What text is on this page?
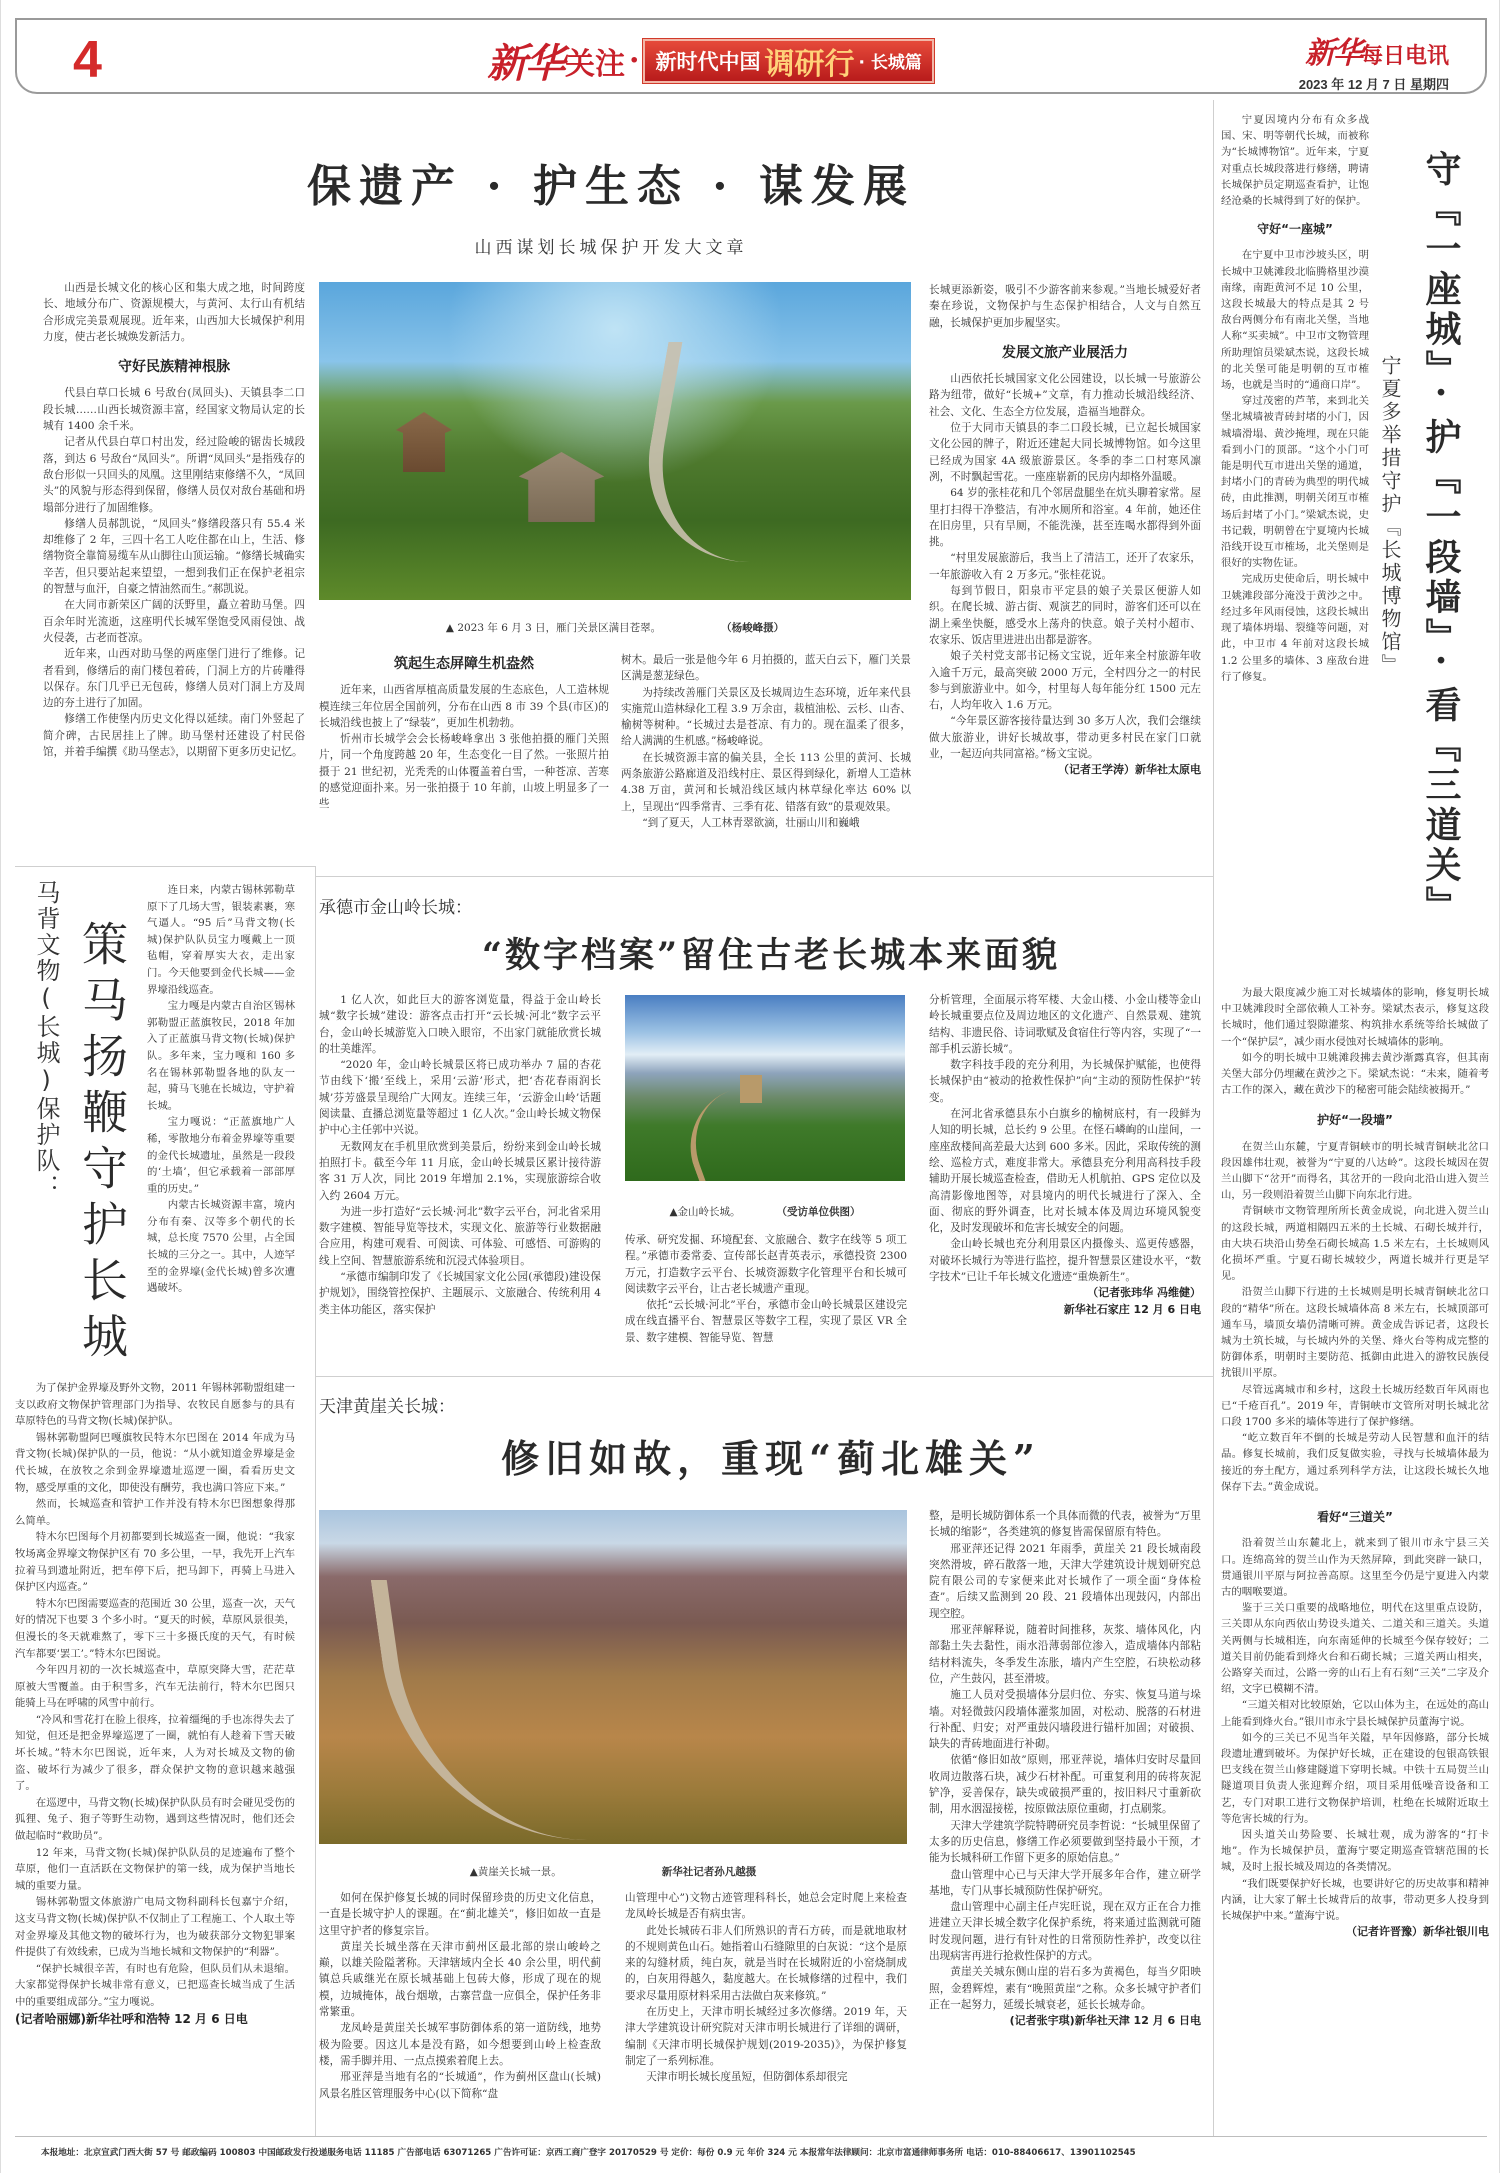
4	新华 关注 · 新时代中国 调研行 · 长城篇	新华 每日电讯
2023 年 12 月 7 日 星期四
保遗产 · 护生态 · 谋发展
山西谋划长城保护开发大文章

山西是长城文化的核心区和集大成之地，时间跨度长、地域分布广、资源规模大，与黄河、太行山有机结合形成完美景观展现。近年来，山西加大长城保护利用力度，使古老长城焕发新活力。

守好民族精神根脉

代县白草口长城 6 号敌台(凤回头)、天镇县李二口段长城……山西长城资源丰富，经国家文物局认定的长城有 1400 余千米。

记者从代县白草口村出发，经过险峻的锯齿长城段落，到达 6 号敌台“凤回头”。所谓“凤回头”是指残存的敌台形似一只回头的凤凰。这里刚结束修缮不久，“凤回头”的风貌与形态得到保留，修缮人员仅对敌台基础和坍塌部分进行了加固维修。

修缮人员郝凯说，“凤回头”修缮段落只有 55.4 米却维修了 2 年，三四十名工人吃住都在山上，生活、修缮物资全靠简易缆车从山脚往山顶运输。“修缮长城确实辛苦，但只要站起来望望，一想到我们正在保护老祖宗的智慧与血汗，自豪之情油然而生。”郝凯说。

在大同市新荣区广阔的沃野里，矗立着助马堡。四百余年时光流逝，这座明代长城军堡饱受风雨侵蚀、战火侵袭，古老而苍凉。

近年来，山西对助马堡的两座堡门进行了维修。记者看到，修缮后的南门楼包着砖，门洞上方的片砖雕得以保存。东门几乎已无包砖，修缮人员对门洞上方及周边的夯土进行了加固。

修缮工作使堡内历史文化得以延续。南门外竖起了简介碑，古民居挂上了牌。助马堡村还建设了村民俗馆，并着手编撰《助马堡志》，以期留下更多历史记忆。

▲ 2023 年 6 月 3 日，雁门关景区满目苍翠。	（杨峻峰摄）
筑起生态屏障生机盎然

近年来，山西省厚植高质量发展的生态底色，人工造林规模连续三年位居全国前列，分布在山西 8 市 39 个县(市区)的长城沿线也披上了“绿装”，更加生机勃勃。

忻州市长城学会会长杨峻峰拿出 3 张他拍摄的雁门关照片，同一个角度跨越 20 年，生态变化一目了然。一张照片拍摄于 21 世纪初，光秃秃的山体覆盖着白雪，一种苍凉、苦寒的感觉迎面扑来。另一张拍摄于 10 年前，山坡上明显多了一些

树木。最后一张是他今年 6 月拍摄的，蓝天白云下，雁门关景区满是葱茏绿色。

为持续改善雁门关景区及长城周边生态环境，近年来代县实施荒山造林绿化工程 3.9 万余亩，栽植油松、云杉、山杏、榆树等树种。“长城过去是苍凉、有力的。现在温柔了很多，给人满满的生机感。”杨峻峰说。

在长城资源丰富的偏关县，全长 113 公里的黄河、长城两条旅游公路廊道及沿线村庄、景区得到绿化，新增人工造林 4.38 万亩，黄河和长城沿线区域内林草绿化率达 60% 以上，呈现出“四季常青、三季有花、错落有致”的景观效果。

“到了夏天，人工林青翠欲滴，壮丽山川和巍峨

长城更添新姿，吸引不少游客前来参观。”当地长城爱好者秦在珍说，文物保护与生态保护相结合，人文与自然互融，长城保护更加步履坚实。

发展文旅产业展活力

山西依托长城国家文化公园建设，以长城一号旅游公路为纽带，做好“长城+”文章，有力推动长城沿线经济、社会、文化、生态全方位发展，造福当地群众。

位于大同市天镇县的李二口段长城，已立起长城国家文化公园的牌子，附近还建起大同长城博物馆。如今这里已经成为国家 4A 级旅游景区。冬季的李二口村寒风凛冽，不时飘起雪花。一座座崭新的民房内却格外温暖。

64 岁的张桂花和几个邻居盘腿坐在炕头聊着家常。屋里打扫得干净整洁，有冲水厕所和浴室。4 年前，她还住在旧房里，只有旱厕，不能洗澡，甚至连喝水都得到外面挑。

“村里发展旅游后，我当上了清洁工，还开了农家乐，一年旅游收入有 2 万多元。”张桂花说。

每到节假日，阳泉市平定县的娘子关景区便游人如织。在爬长城、游古街、观演艺的同时，游客们还可以在湖上乘坐快艇，感受水上荡舟的快意。娘子关村小超市、农家乐、饭店里进进出出都是游客。

娘子关村党支部书记杨文宝说，近年来全村旅游年收入逾千万元，最高突破 2000 万元，全村四分之一的村民参与到旅游业中。如今，村里每人每年能分红 1500 元左右，人均年收入 1.6 万元。

“今年景区游客接待量达到 30 多万人次，我们会继续做大旅游业，讲好长城故事，带动更多村民在家门口就业，一起迈向共同富裕。”杨文宝说。

（记者王学涛）新华社太原电
马背文物(长城)保护队： 策马扬鞭守护长城

连日来，内蒙古锡林郭勒草原下了几场大雪，银装素裹，寒气逼人。“95 后”马背文物(长城)保护队队员宝力嘎戴上一顶毡帽，穿着厚实大衣，走出家门。今天他要到金代长城——金界壕沿线巡查。

宝力嘎是内蒙古自治区锡林郭勒盟正蓝旗牧民，2018 年加入了正蓝旗马背文物(长城)保护队。多年来，宝力嘎和 160 多名在锡林郭勒盟各地的队友一起，骑马飞驰在长城边，守护着长城。

宝力嘎说：“正蓝旗地广人稀，零散地分布着金界壕等重要的金代长城遗址，虽然是一段段的‘土墙’，但它承载着一部部厚重的历史。”

内蒙古长城资源丰富，境内分布有秦、汉等多个朝代的长城，总长度 7570 公里，占全国长城的三分之一。其中，人迹罕至的金界壕(金代长城)曾多次遭遇破坏。

为了保护金界壕及野外文物，2011 年锡林郭勒盟组建一支以政府文物保护管理部门为指导、农牧民自愿参与的具有草原特色的马背文物(长城)保护队。

锡林郭勒盟阿巴嘎旗牧民特木尔巴图在 2014 年成为马背文物(长城)保护队的一员，他说：“从小就知道金界壕是金代长城，在放牧之余到金界壕遗址巡逻一圈，看看历史文物，感受厚重的文化，即使没有酬劳，我也满口答应下来。”

然而，长城巡查和管护工作并没有特木尔巴图想象得那么简单。

特木尔巴图每个月初都要到长城巡查一圈，他说：“我家牧场离金界壕文物保护区有 70 多公里，一早，我先开上汽车拉着马到遗址附近，把车停下后，把马卸下，再骑上马进入保护区内巡查。”

特木尔巴图需要巡查的范围近 30 公里，巡查一次，天气好的情况下也要 3 个多小时。“夏天的时候，草原风景很美，但漫长的冬天就难熬了，零下三十多摄氏度的天气，有时候汽车都要‘罢工’。”特木尔巴图说。

今年四月初的一次长城巡查中，草原突降大雪，茫茫草原被大雪覆盖。由于积雪多，汽车无法前行，特木尔巴图只能骑上马在呼啸的风雪中前行。

“冷风和雪花打在脸上很疼，拉着缰绳的手也冻得失去了知觉，但还是把金界壕巡逻了一圈，就怕有人趁着下雪天破坏长城。”特木尔巴图说，近年来，人为对长城及文物的偷盗、破坏行为减少了很多，群众保护文物的意识越来越强了。

在巡逻中，马背文物(长城)保护队队员有时会碰见受伤的狐狸、兔子、狍子等野生动物，遇到这些情况时，他们还会做起临时“救助员”。

12 年来，马背文物(长城)保护队队员的足迹遍布了整个草原，他们一直活跃在文物保护的第一线，成为保护当地长城的重要力量。

锡林郭勒盟文体旅游广电局文物科副科长包嘉宁介绍，这支马背文物(长城)保护队不仅制止了工程施工、个人取土等对金界壕及其他文物的破坏行为，也为破获部分文物犯罪案件提供了有效线索，已成为当地长城和文物保护的“利器”。

“保护长城很辛苦，有时也有危险，但队员们从未退缩。大家都觉得保护长城非常有意义，已把巡查长城当成了生活中的重要组成部分。”宝力嘎说。

(记者哈丽娜)新华社呼和浩特 12 月 6 日电
承德市金山岭长城：
“数字档案”留住古老长城本来面貌

1 亿人次，如此巨大的游客浏览量，得益于金山岭长城“数字长城”建设：游客点击打开“云长城·河北”数字云平台，金山岭长城游览入口映入眼帘，不出家门就能欣赏长城的壮美雄浑。

“2020 年，金山岭长城景区将已成功举办 7 届的杏花节由线下‘搬’至线上，采用‘云游’形式，把‘杏花春雨润长城’芬芳盛景呈现给广大网友。连续三年，‘云游金山岭’话题阅读量、直播总浏览量等超过 1 亿人次。”金山岭长城文物保护中心主任郭中兴说。

无数网友在手机里欣赏到美景后，纷纷来到金山岭长城拍照打卡。截至今年 11 月底，金山岭长城景区累计接待游客 31 万人次，同比 2019 年增加 2.1%，实现旅游综合收入约 2604 万元。

为进一步打造好“云长城·河北”数字云平台，河北省采用数字建模、智能导览等技术，实现文化、旅游等行业数据融合应用，构建可观看、可阅读、可体验、可感悟、可游购的线上空间、智慧旅游系统和沉浸式体验项目。

“承德市编制印发了《长城国家文化公园(承德段)建设保护规划》，围绕管控保护、主题展示、文旅融合、传统利用 4 类主体功能区，落实保护

▲金山岭长城。	（受访单位供图）

传承、研究发掘、环境配套、文旅融合、数字在线等 5 项工程。”承德市委常委、宣传部长赵青英表示，承德投资 2300 万元，打造数字云平台、长城资源数字化管理平台和长城可阅读数字云平台，让古老长城遗产重现。

依托“云长城·河北”平台，承德市金山岭长城景区建设完成在线直播平台、智慧景区等数字工程，实现了景区 VR 全景、数字建模、智能导览、智慧

分析管理，全面展示将军楼、大金山楼、小金山楼等金山岭长城重要点位及周边地区的文化遗产、自然景观、建筑结构、非遗民俗、诗词歌赋及食宿住行等内容，实现了“一部手机云游长城”。

数字科技手段的充分利用，为长城保护赋能，也使得长城保护由“被动的抢救性保护”向“主动的预防性保护”转变。

在河北省承德县东小白旗乡的榆树底村，有一段鲜为人知的明长城，总长约 9 公里。在怪石嶙峋的山崖间，一座座敌楼间高差最大达到 600 多米。因此，采取传统的测绘、巡检方式，难度非常大。承德县充分利用高科技手段辅助开展长城巡查检查，借助无人机航拍、GPS 定位以及高清影像地图等，对县境内的明代长城进行了深入、全面、彻底的野外调查，比对长城本体及周边环境风貌变化，及时发现破坏和危害长城安全的问题。

金山岭长城也充分利用景区内摄像头、巡更传感器，对破坏长城行为等进行监控，提升智慧景区建设水平，“数字技术”已让千年长城文化遗迹“重焕新生”。

（记者张玮华 冯维健）
新华社石家庄 12 月 6 日电
天津黄崖关长城：
修旧如故，重现“蓟北雄关”
▲黄崖关长城一景。	新华社记者孙凡越摄

如何在保护修复长城的同时保留珍贵的历史文化信息，一直是长城守护人的课题。在“蓟北雄关”，修旧如故一直是这里守护者的修复宗旨。

黄崖关长城坐落在天津市蓟州区最北部的崇山峻岭之巅，以雄关险隘著称。天津辖域内全长 40 余公里，明代蓟镇总兵戚继光在原长城基础上包砖大修，形成了现在的规模，边城掩体，战台烟墩，古寨营盘一应俱全，保护任务非常繁重。

龙凤岭是黄崖关长城军事防御体系的第一道防线，地势极为险要。因这儿本是没有路，如今想要到山岭上检查敌楼，需手脚并用、一点点摸索着爬上去。

邢亚萍是当地有名的“长城通”，作为蓟州区盘山(长城)风景名胜区管理服务中心(以下简称“盘

山管理中心”)文物古迹管理科科长，她总会定时爬上来检查龙凤岭长城是否有病虫害。

此处长城砖石非人们所熟识的青石方砖，而是就地取材的不规则黄色山石。她指着山石缝隙里的白灰说：“这个是原来的勾缝材质，纯白灰，就是当时在长城附近的小窑烧制成的，白灰用得越久，黏度越大。在长城修缮的过程中，我们要求尽量用原材料采用古法做白灰来修筑。”

在历史上，天津市明长城经过多次修缮。2019 年，天津大学建筑设计研究院对天津市明长城进行了详细的调研，编制《天津市明长城保护规划(2019-2035)》，为保护修复制定了一系列标准。

天津市明长城长度虽短，但防御体系却很完

整，是明长城防御体系一个具体而微的代表，被誉为“万里长城的缩影”，各类建筑的修复皆需保留原有特色。

邢亚萍还记得 2021 年雨季，黄崖关 21 段长城南段突然滑坡，碎石散落一地，天津大学建筑设计规划研究总院有限公司的专家便来此对长城作了一项全面“身体检查”。后续又监测到 20 段、21 段墙体出现鼓闪，内部出现空腔。

邢亚萍解释说，随着时间推移，灰浆、墙体风化，内部黏土失去黏性，雨水沿薄弱部位渗入，造成墙体内部粘结材料流失，冬季发生冻胀，墙内产生空腔，石块松动移位，产生鼓闪，甚至滑坡。

施工人员对受损墙体分层归位、夯实、恢复马道与垛墙。对轻微鼓闪段墙体灌浆加固，对松动、脱落的石材进行补配、归安；对严重鼓闪墙段进行锚杆加固；对破损、缺失的青砖地面进行补砌。

依循“修旧如故”原则，邢亚萍说，墙体归安时尽量回收周边散落石块，减少石材补配。可重复利用的砖将灰泥铲净，妥善保存，缺失或破损严重的，按旧料尺寸重新砍制，用水洇湿接槎，按原做法原位重砌，打点刷浆。

天津大学建筑学院特聘研究员李哲说：“长城里保留了太多的历史信息，修缮工作必须要做到坚持最小干预，才能为长城科研工作留下更多的原始信息。”

盘山管理中心已与天津大学开展多年合作，建立研学基地，专门从事长城预防性保护研究。

盘山管理中心副主任卢宪旺说，现在双方正在合力推进建立天津长城全数字化保护系统，将来通过监测就可随时发现问题，进行有针对性的日常预防性养护，改变以往出现病害再进行抢救性保护的方式。

黄崖关关城东侧山崖的岩石多为黄褐色，每当夕阳映照，金碧辉煌，素有“晚照黄崖”之称。众多长城守护者们正在一起努力，延缓长城衰老，延长长城寿命。

(记者张宇琪)新华社天津 12 月 6 日电
守『一座城』·护『一段墙』·看『三道关』
宁夏多举措守护『长城博物馆』

宁夏因境内分布有众多战国、宋、明等朝代长城，而被称为“长城博物馆”。近年来，宁夏对重点长城段落进行修缮，聘请长城保护员定期巡查看护，让饱经沧桑的长城得到了好的保护。

守好“一座城”

在宁夏中卫市沙坡头区，明长城中卫姚滩段北临腾格里沙漠南缘，南距黄河不足 10 公里，这段长城最大的特点是其 2 号敌台两侧分布有南北关堡，当地人称“买卖城”。中卫市文物管理所助理馆员梁斌杰说，这段长城的北关堡可能是明朝的互市榷场，也就是当时的“通商口岸”。

穿过茂密的芦苇，来到北关堡北城墙被青砖封堵的小门，因城墙滑塌、黄沙掩埋，现在只能看到小门的顶部。“这个小门可能是明代互市进出关堡的通道，封堵小门的青砖为典型的明代城砖，由此推测，明朝关闭互市榷场后封堵了小门。”梁斌杰说，史书记载，明朝曾在宁夏境内长城沿线开设互市榷场，北关堡则是很好的实物佐证。

完成历史使命后，明长城中卫姚滩段部分淹没于黄沙之中。经过多年风雨侵蚀，这段长城出现了墙体坍塌、裂缝等问题，对此，中卫市 4 年前对这段长城 1.2 公里多的墙体、3 座敌台进行了修复。

为最大限度减少施工对长城墙体的影响，修复明长城中卫姚滩段时全部依赖人工补夯。梁斌杰表示，修复这段长城时，他们通过裂隙灌浆、构筑排水系统等给长城做了一个“保护层”，减少雨水侵蚀对长城墙体的影响。

如今的明长城中卫姚滩段拂去黄沙渐露真容，但其南关堡大部分仍埋藏在黄沙之下。梁斌杰说：“未来，随着考古工作的深入，藏在黄沙下的秘密可能会陆续被揭开。”

护好“一段墙”

在贺兰山东麓，宁夏青铜峡市的明长城青铜峡北岔口段因雄伟壮观，被誉为“宁夏的八达岭”。这段长城因在贺兰山脚下“岔开”而得名，其岔开的一段向北沿山进入贺兰山，另一段则沿着贺兰山脚下向东北行进。

青铜峡市文物管理所所长黄金成说，向北进入贺兰山的这段长城，两道相隔四五米的土长城、石砌长城并行，由大块石块沿山势垒石砌长城高 1.5 米左右，土长城则风化损坏严重。宁夏石砌长城较少，两道长城并行更是罕见。

沿贺兰山脚下行进的土长城则是明长城青铜峡北岔口段的“精华”所在。这段长城墙体高 8 米左右，长城顶部可通车马，墙顶女墙仍清晰可辨。黄金成告诉记者，这段长城为土筑长城，与长城内外的关堡、烽火台等构成完整的防御体系，明朝时主要防范、抵御由此进入的游牧民族侵扰银川平原。

尽管远离城市和乡村，这段土长城历经数百年风雨也已“千疮百孔”。2019 年，青铜峡市文管所对明长城北岔口段 1700 多米的墙体等进行了保护修缮。

“屹立数百年不倒的长城是劳动人民智慧和血汗的结晶。修复长城前，我们反复做实验，寻找与长城墙体最为接近的夯土配方，通过系列科学方法，让这段长城长久地保存下去。”黄金成说。

看好“三道关”

沿着贺兰山东麓北上，就来到了银川市永宁县三关口。连绵高耸的贺兰山作为天然屏障，到此突辟一缺口，贯通银川平原与阿拉善高原。这里至今仍是宁夏进入内蒙古的咽喉要道。

鉴于三关口重要的战略地位，明代在这里重点设防，三关即从东向西依山势设头道关、二道关和三道关。头道关两侧与长城相连，向东南延伸的长城至今保存较好；二道关目前仍能看到烽火台和石砌长城；三道关两山相夹，公路穿关而过，公路一旁的山石上有石刻“三关”二字及介绍，文字已模糊不清。

“三道关相对比较原始，它以山体为主，在远处的高山上能看到烽火台。”银川市永宁县长城保护员董海宁说。

如今的三关已不见当年关隘，早年因修路，部分长城段遗址遭到破坏。为保护好长城，正在建设的包银高铁银巴支线在贺兰山修建隧道下穿明长城。中铁十五局贺兰山隧道项目负责人张迎辉介绍，项目采用低噪音设备和工艺，专门对职工进行文物保护培训，杜绝在长城附近取土等危害长城的行为。

因头道关山势险要、长城壮观，成为游客的“打卡地”。作为长城保护员，董海宁要定期巡查管辖范围的长城，及时上报长城及周边的各类情况。

“我们既要保护好长城，也要讲好它的历史故事和精神内涵，让大家了解土长城背后的故事，带动更多人投身到长城保护中来。”董海宁说。

（记者许晋豫）新华社银川电
本报地址：北京宣武门西大街 57 号 邮政编码 100803 中国邮政发行投递服务电话 11185 广告部电话 63071265 广告许可证：京西工商广登字 20170529 号 定价：每份 0.9 元 年价 324 元 本报常年法律顾问：北京市富通律师事务所 电话：010-88406617、13901102545
